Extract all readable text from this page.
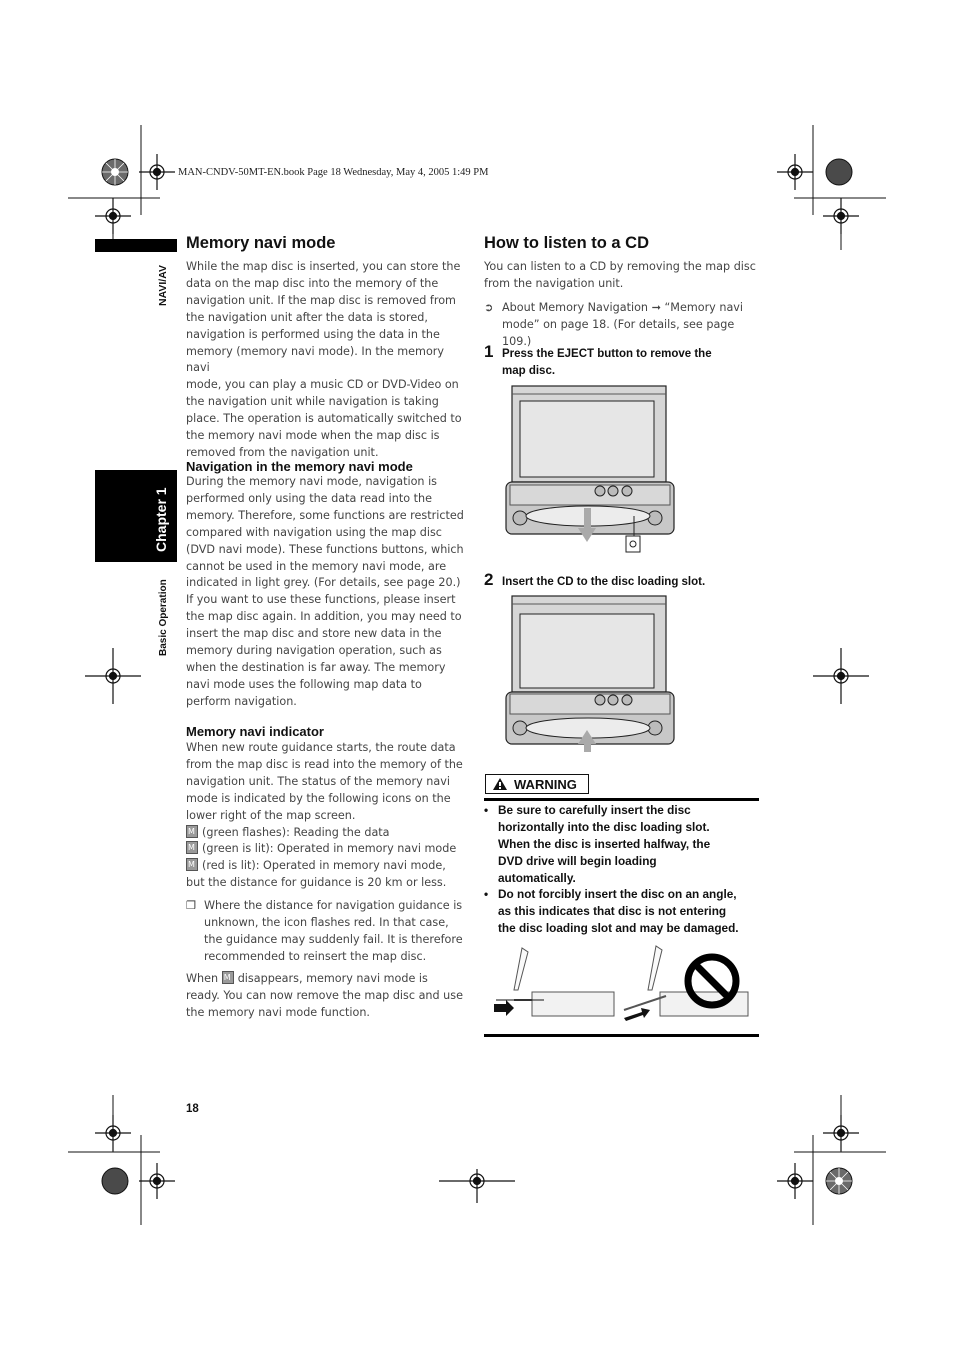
MAN-CNDV-50MT-EN.book Page 18 Wednesday, May 4, 2005 1:49 PM
NAVI/AV
Chapter 1
Basic Operation
Memory navi mode

While the map disc is inserted, you can store the

data on the map disc into the memory of the

navigation unit. If the map disc is removed from

the navigation unit after the data is stored,

navigation is performed using the data in the

memory (memory navi mode). In the memory navi

mode, you can play a music CD or DVD-Video on

the navigation unit while navigation is taking

place. The operation is automatically switched to

the memory navi mode when the map disc is

removed from the navigation unit.

Navigation in the memory navi mode

During the memory navi mode, navigation is

performed only using the data read into the

memory. Therefore, some functions are restricted

compared with navigation using the map disc

(DVD navi mode). These functions buttons, which

cannot be used in the memory navi mode, are

indicated in light grey. (For details, see page 20.)

If you want to use these functions, please insert

the map disc again. In addition, you may need to

insert the map disc and store new data in the

memory during navigation operation, such as

when the destination is far away. The memory

navi mode uses the following map data to

perform navigation.

Memory navi indicator

When new route guidance starts, the route data

from the map disc is read into the memory of the

navigation unit. The status of the memory navi

mode is indicated by the following icons on the

lower right of the map screen.

M(green flashes): Reading the data

M(green is lit): Operated in memory navi mode

M(red is lit): Operated in memory navi mode,

but the distance for guidance is 20 km or less.

❒ Where the distance for navigation guidance is

unknown, the icon flashes red. In that case,

the guidance may suddenly fail. It is therefore

recommended to reinsert the map disc.

When M disappears, memory navi mode is

ready. You can now remove the map disc and use

the memory navi mode function.

How to listen to a CD

You can listen to a CD by removing the map disc

from the navigation unit.

➲ About Memory Navigation ➞ “Memory navi

mode” on page 18. (For details, see page 109.)

1 Press the EJECT button to remove the
map disc.
2 Insert the CD to the disc loading slot.
WARNING
• Be sure to carefully insert the disc
horizontally into the disc loading slot.
When the disc is inserted halfway, the
DVD drive will begin loading
automatically.
• Do not forcibly insert the disc on an angle,
as this indicates that disc is not entering
the disc loading slot and may be damaged.
18
